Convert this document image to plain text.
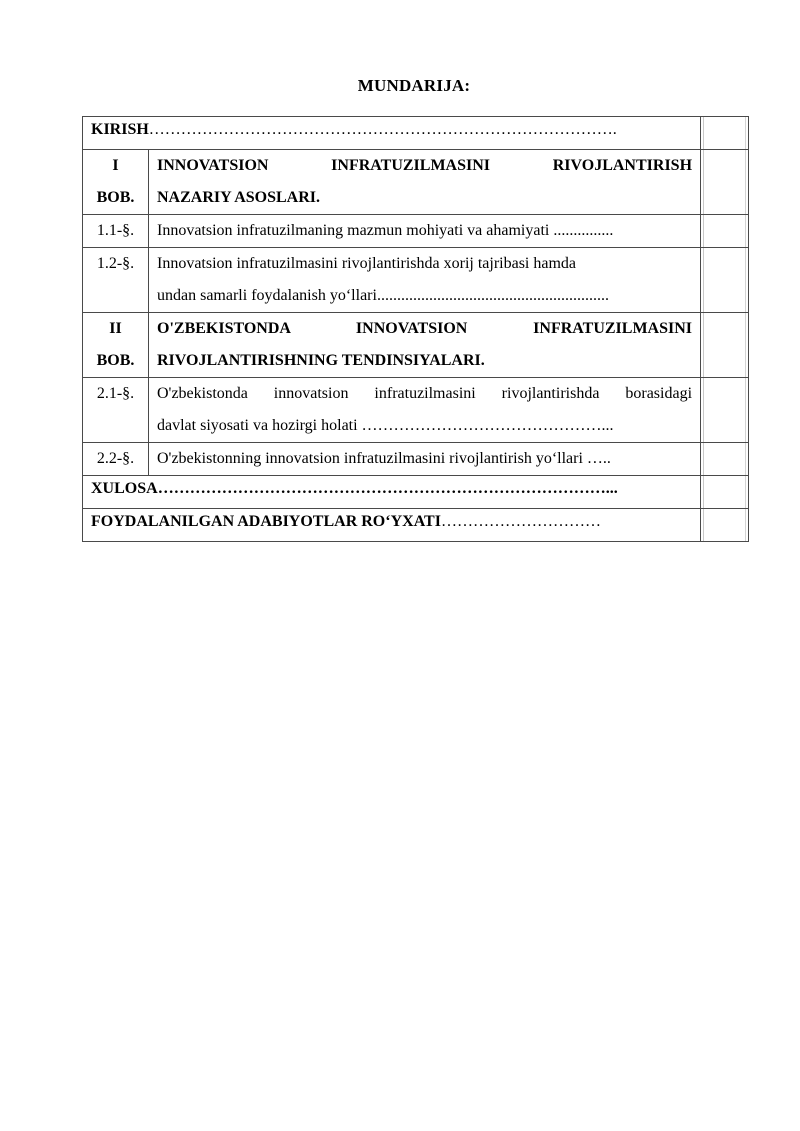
MUNDARIJA:
KIRISH…………………………………………………………………………….		

I
BOB.	INNOVATSION INFRATUZILMASINI RIVOJLANTIRISH
NAZARIY ASOSLARI.	
1.1-§.	Innovatsion infratuzilmaning mazmun mohiyati va ahamiyati ...............	
1.2-§.	Innovatsion infratuzilmasini rivojlantirishda xorij tajribasi hamda
undan samarli foydalanish yo‘llari..........................................................	

II
BOB.	O'ZBEKISTONDA INNOVATSION INFRATUZILMASINI
RIVOJLANTIRISHNING TENDINSIYALARI.	
2.1-§.	O'zbekistonda innovatsion infratuzilmasini rivojlantirishda borasidagi
davlat siyosati va hozirgi holati ………………………………………...	

2.2-§.	O'zbekistonning innovatsion infratuzilmasini rivojlantirish yo‘llari …..	
XULOSA…………………………………………………………………………...		
FOYDALANILGAN ADABIYOTLAR RO‘YXATI…………………………		
